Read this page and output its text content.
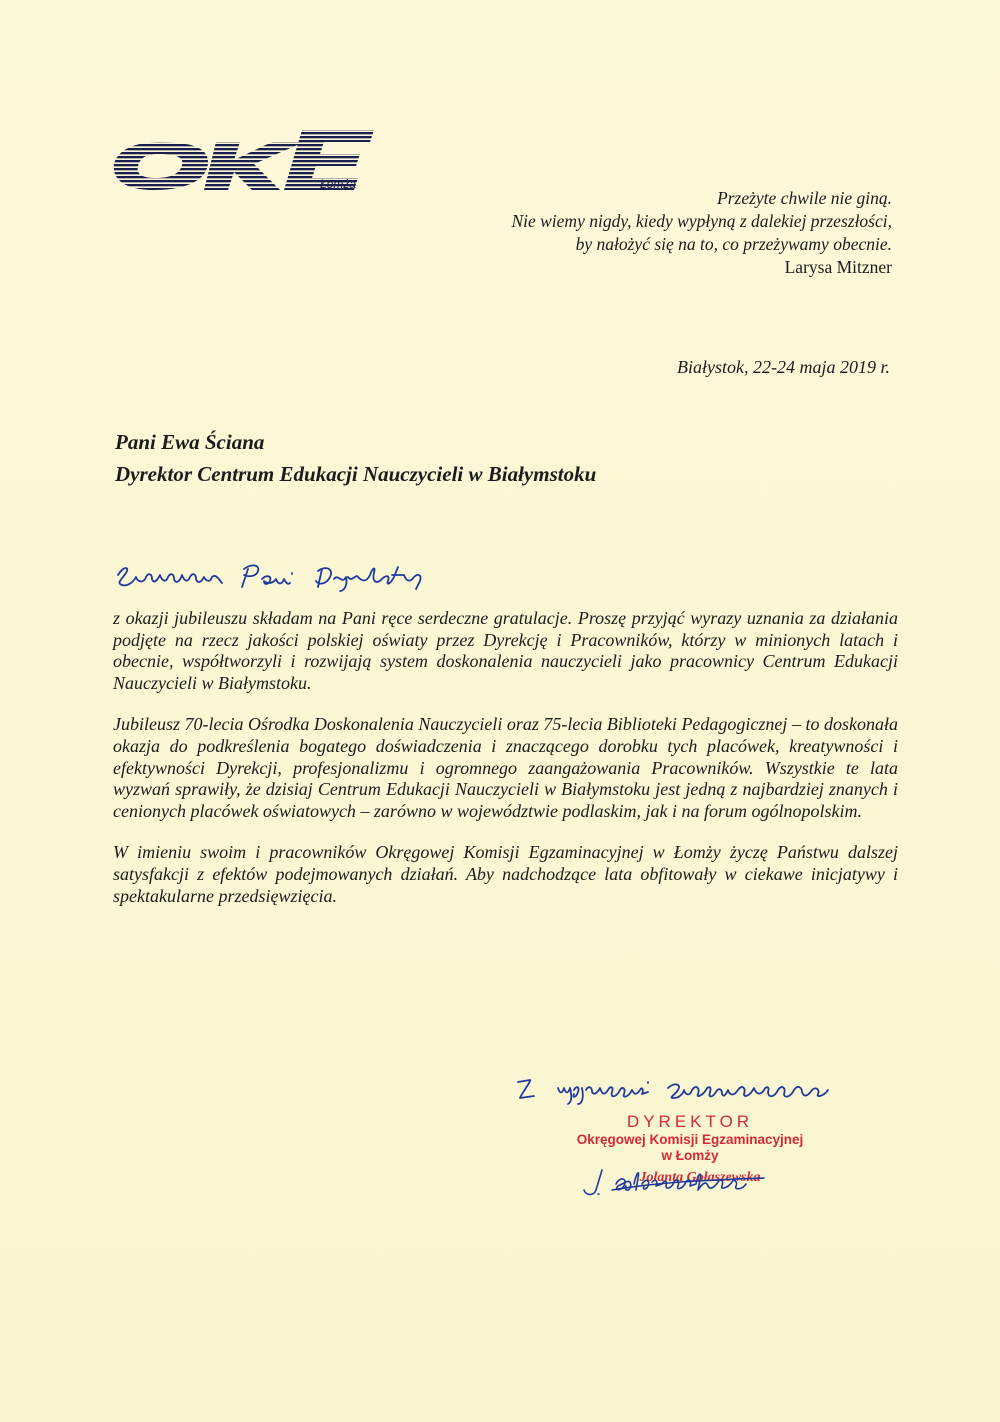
Łomża
Przeżyte chwile nie giną.
Nie wiemy nigdy, kiedy wypłyną z dalekiej przeszłości,
by nałożyć się na to, co przeżywamy obecnie.
Larysa Mitzner
Białystok, 22-24 maja 2019 r.
Pani Ewa Ściana
Dyrektor Centrum Edukacji Nauczycieli w Białymstoku

z okazji jubileuszu składam na Pani ręce serdeczne gratulacje. Proszę przyjąć wyrazy uznania za działania podjęte na rzecz jakości polskiej oświaty przez Dyrekcję i Pracowników, którzy w minionych latach i obecnie, współtworzyli i rozwijają system doskonalenia nauczycieli jako pracownicy Centrum Edukacji Nauczycieli w Białymstoku.

Jubileusz 70-lecia Ośrodka Doskonalenia Nauczycieli oraz 75-lecia Biblioteki Pedagogicznej – to doskonała okazja do podkreślenia bogatego doświadczenia i znaczącego dorobku tych placówek, kreatywności i efektywności Dyrekcji, profesjonalizmu i ogromnego zaangażowania Pracowników. Wszystkie te lata wyzwań sprawiły, że dzisiaj Centrum Edukacji Nauczycieli w Białymstoku jest jedną z najbardziej znanych i cenionych placówek oświatowych – zarówno w województwie podlaskim, jak i na forum ogólnopolskim.

W imieniu swoim i pracowników Okręgowej Komisji Egzaminacyjnej w Łomży życzę Państwu dalszej satysfakcji z efektów podejmowanych działań. Aby nadchodzące lata obfitowały w ciekawe inicjatywy i spektakularne przedsięwzięcia.

DYREKTOR
Okręgowej Komisji Egzaminacyjnej
w Łomży
Jolanta Gołaszewska
